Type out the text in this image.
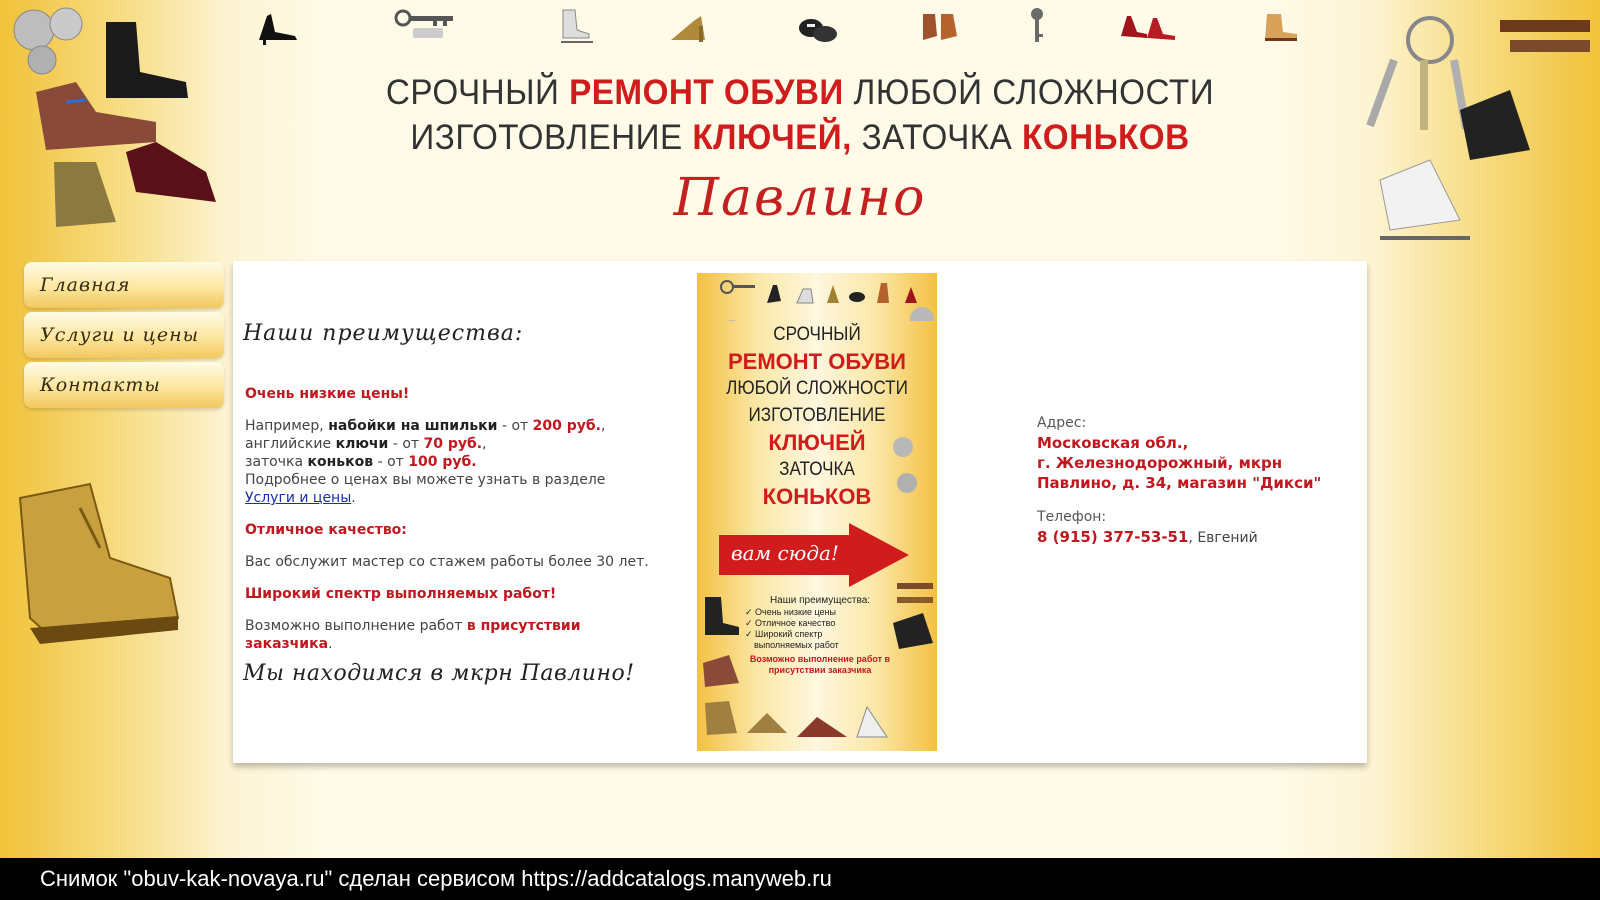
СРОЧНЫЙ РЕМОНТ ОБУВИ ЛЮБОЙ СЛОЖНОСТИ
ИЗГОТОВЛЕНИЕ КЛЮЧЕЙ, ЗАТОЧКА КОНЬКОВ
Павлино
Главная
Услуги и цены
Контакты
Наши преимущества:

Очень низкие цены!

Например, набойки на шпильки - от 200 руб.,
английские ключи - от 70 руб.,
заточка коньков - от 100 руб.
Подробнее о ценах вы можете узнать в разделе Услуги и цены.

Отличное качество:

Вас обслужит мастер со стажем работы более 30 лет.

Широкий спектр выполняемых работ!

Возможно выполнение работ в присутствии заказчика.

Мы находимся в мкрн Павлино!
СРОЧНЫЙ
РЕМОНТ ОБУВИ
ЛЮБОЙ СЛОЖНОСТИ
ИЗГОТОВЛЕНИЕ
КЛЮЧЕЙ
ЗАТОЧКА
КОНЬКОВ
вам сюда!
Наши преимущества:
✓ Очень низкие цены
✓ Отличное качество
✓ Широкий спектр
выполняемых работ
Возможно выполнение работ в присутствии заказчика
Адрес:
Московская обл.,
г. Железнодорожный, мкрн
Павлино, д. 34, магазин "Дикси"
Телефон:
8 (915) 377-53-51, Евгений
Снимок "obuv-kak-novaya.ru" сделан сервисом https://addcatalogs.manyweb.ru
